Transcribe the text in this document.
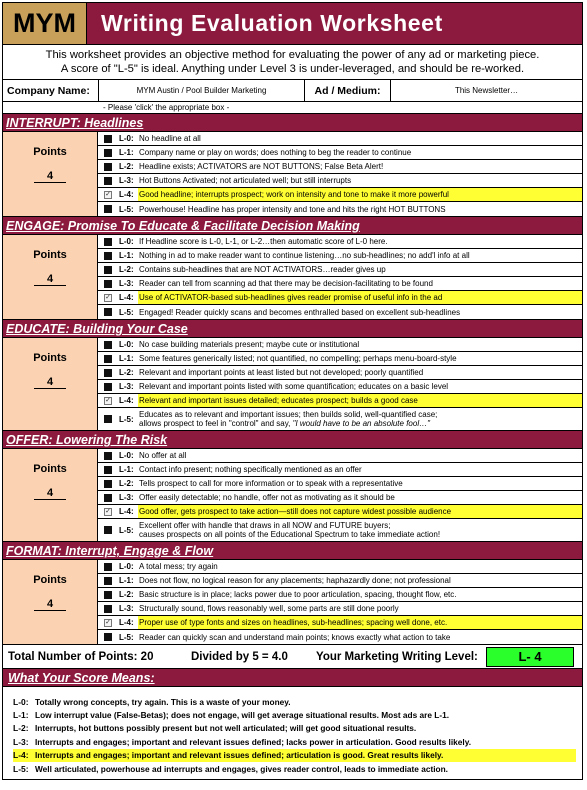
MYM	Writing Evaluation Worksheet
This worksheet provides an objective method for evaluating the power of any ad or marketing piece.
A score of "L-5" is ideal. Anything under Level 3 is under-leveraged, and should be re-worked.
Company Name:	MYM Austin / Pool Builder Marketing	Ad / Medium:	This Newsletter…
- Please 'click' the appropriate box -
INTERRUPT: Headlines
Points
4
L-0: No headline at all
L-1: Company name or play on words; does nothing to beg the reader to continue
L-2: Headline exists; ACTIVATORS are NOT BUTTONS; False Beta Alert!
L-3: Hot Buttons Activated; not articulated well; but still interrupts
✓ L-4: Good headline; interrupts prospect; work on intensity and tone to make it more powerful
L-5: Powerhouse! Headline has proper intensity and tone and hits the right HOT BUTTONS
ENGAGE: Promise To Educate & Facilitate Decision Making
Points
4
L-0: If Headline score is L-0, L-1, or L-2…then automatic score of L-0 here.
L-1: Nothing in ad to make reader want to continue listening…no sub-headlines; no add'l info at all
L-2: Contains sub-headlines that are NOT ACTIVATORS…reader gives up
L-3: Reader can tell from scanning ad that there may be decision-facilitating to be found
✓ L-4: Use of ACTIVATOR-based sub-headlines gives reader promise of useful info in the ad
L-5: Engaged! Reader quickly scans and becomes enthralled based on excellent sub-headlines
EDUCATE: Building Your Case
Points
4
L-0: No case building materials present; maybe cute or institutional
L-1: Some features generically listed; not quantified, no compelling; perhaps menu-board-style
L-2: Relevant and important points at least listed but not developed; poorly quantified
L-3: Relevant and important points listed with some quantification; educates on a basic level
✓ L-4: Relevant and important issues detailed; educates prospect; builds a good case
L-5: Educates as to relevant and important issues; then builds solid, well-quantified case;
allows prospect to feel in "control" and say, "I would have to be an absolute fool…"
OFFER: Lowering The Risk
Points
4
L-0: No offer at all
L-1: Contact info present; nothing specifically mentioned as an offer
L-2: Tells prospect to call for more information or to speak with a representative
L-3: Offer easily detectable; no handle, offer not as motivating as it should be
✓ L-4: Good offer, gets prospect to take action—still does not capture widest possible audience
L-5: Excellent offer with handle that draws in all NOW and FUTURE buyers;
causes prospects on all points of the Educational Spectrum to take immediate action!
FORMAT: Interrupt, Engage & Flow
Points
4
L-0: A total mess; try again
L-1: Does not flow, no logical reason for any placements; haphazardly done; not professional
L-2: Basic structure is in place; lacks power due to poor articulation, spacing, thought flow, etc.
L-3: Structurally sound, flows reasonably well, some parts are still done poorly
✓ L-4: Proper use of type fonts and sizes on headlines, sub-headlines; spacing well done, etc.
L-5: Reader can quickly scan and understand main points; knows exactly what action to take
Total Number of Points: 20	Divided by 5 = 4.0	Your Marketing Writing Level:	L- 4
What Your Score Means:
L-0: Totally wrong concepts, try again. This is a waste of your money.
L-1: Low interrupt value (False-Betas); does not engage, will get average situational results. Most ads are L-1.
L-2: Interrupts, hot buttons possibly present but not well articulated; will get good situational results.
L-3: Interrupts and engages; important and relevant issues defined; lacks power in articulation. Good results likely.
L-4: Interrupts and engages; important and relevant issues defined; articulation is good. Great results likely.
L-5: Well articulated, powerhouse ad interrupts and engages, gives reader control, leads to immediate action.
